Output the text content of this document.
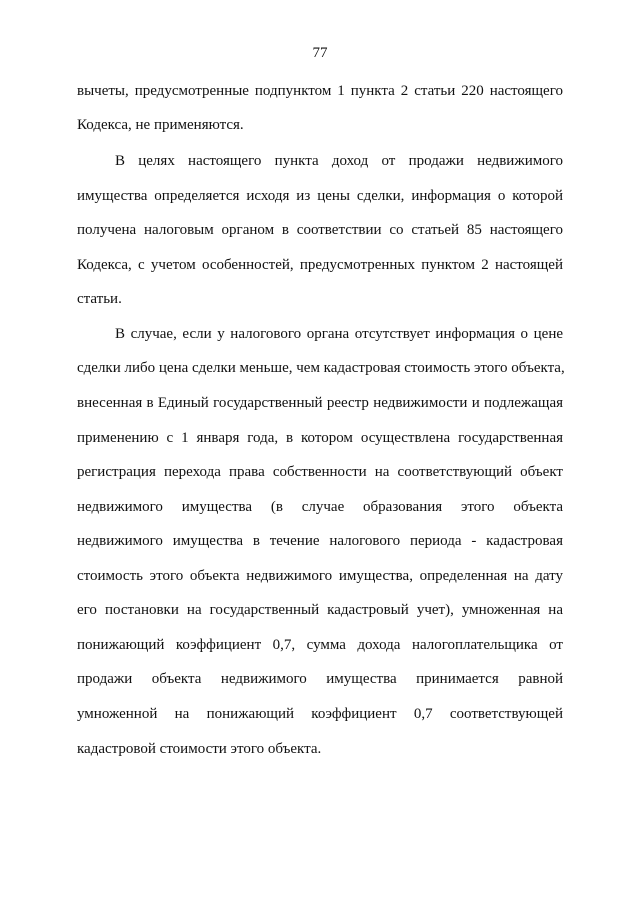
77
вычеты, предусмотренные подпунктом 1 пункта 2 статьи 220 настоящего
Кодекса, не применяются.
В целях настоящего пункта доход от продажи недвижимого
имущества определяется исходя из цены сделки, информация о которой
получена налоговым органом в соответствии со статьей 85 настоящего
Кодекса, с учетом особенностей, предусмотренных пунктом 2 настоящей
статьи.
В случае, если у налогового органа отсутствует информация о цене
сделки либо цена сделки меньше, чем кадастровая стоимость этого объекта,
внесенная в Единый государственный реестр недвижимости и подлежащая
применению с 1 января года, в котором осуществлена государственная
регистрация перехода права собственности на соответствующий объект
недвижимого имущества (в случае образования этого объекта
недвижимого имущества в течение налогового периода - кадастровая
стоимость этого объекта недвижимого имущества, определенная на дату
его постановки на государственный кадастровый учет), умноженная на
понижающий коэффициент 0,7, сумма дохода налогоплательщика от
продажи объекта недвижимого имущества принимается равной
умноженной на понижающий коэффициент 0,7 соответствующей
кадастровой стоимости этого объекта.
